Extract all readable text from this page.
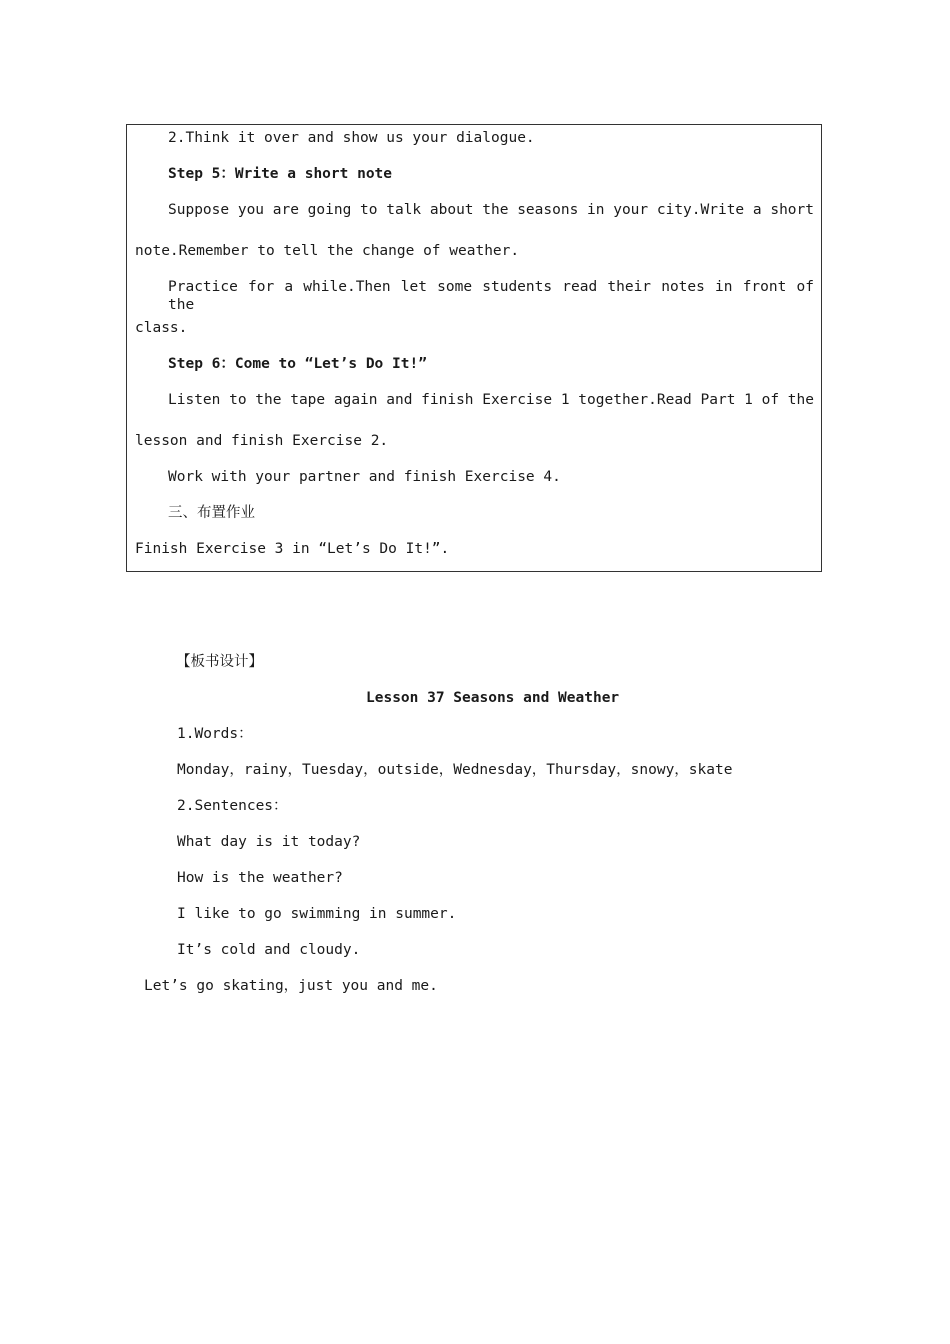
2.Think it over and show us your dialogue.
Step 5：Write a short note
Suppose you are going to talk about the seasons in your city.Write a short
note.Remember to tell the change of weather.
Practice for a while.Then let some students read their notes in front of the
class.
Step 6：Come to “Let’s Do It!”
Listen to the tape again and finish Exercise 1 together.Read Part 1 of the
lesson and finish Exercise 2.
Work with your partner and finish Exercise 4.
三、布置作业
Finish Exercise 3 in “Let’s Do It!”.
【板书设计】
Lesson 37 Seasons and Weather
1.Words：
Monday，rainy，Tuesday，outside，Wednesday，Thursday，snowy，skate
2.Sentences：
What day is it today?
How is the weather?
I like to go swimming in summer.
It’s cold and cloudy.
Let’s go skating，just you and me.
